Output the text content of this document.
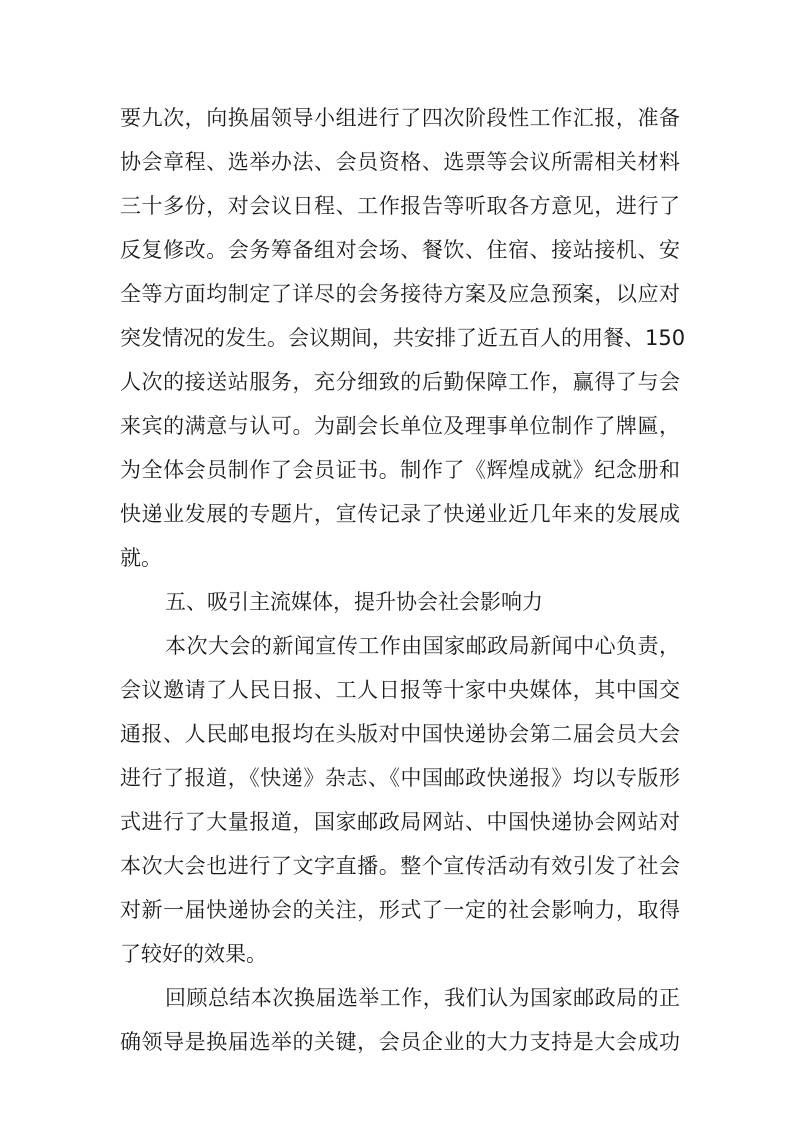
要九次，向换届领导小组进行了四次阶段性工作汇报，准备
协会章程、选举办法、会员资格、选票等会议所需相关材料
三十多份，对会议日程、工作报告等听取各方意见，进行了
反复修改。会务筹备组对会场、餐饮、住宿、接站接机、安
全等方面均制定了详尽的会务接待方案及应急预案，以应对
突发情况的发生。会议期间，共安排了近五百人的用餐、150
人次的接送站服务，充分细致的后勤保障工作，赢得了与会
来宾的满意与认可。为副会长单位及理事单位制作了牌匾，
为全体会员制作了会员证书。制作了《辉煌成就》纪念册和
快递业发展的专题片，宣传记录了快递业近几年来的发展成
就。
五、吸引主流媒体，提升协会社会影响力
本次大会的新闻宣传工作由国家邮政局新闻中心负责，
会议邀请了人民日报、工人日报等十家中央媒体，其中国交
通报、人民邮电报均在头版对中国快递协会第二届会员大会
进行了报道，《快递》杂志、《中国邮政快递报》均以专版形
式进行了大量报道，国家邮政局网站、中国快递协会网站对
本次大会也进行了文字直播。整个宣传活动有效引发了社会
对新一届快递协会的关注，形式了一定的社会影响力，取得
了较好的效果。
回顾总结本次换届选举工作，我们认为国家邮政局的正
确领导是换届选举的关键，会员企业的大力支持是大会成功
